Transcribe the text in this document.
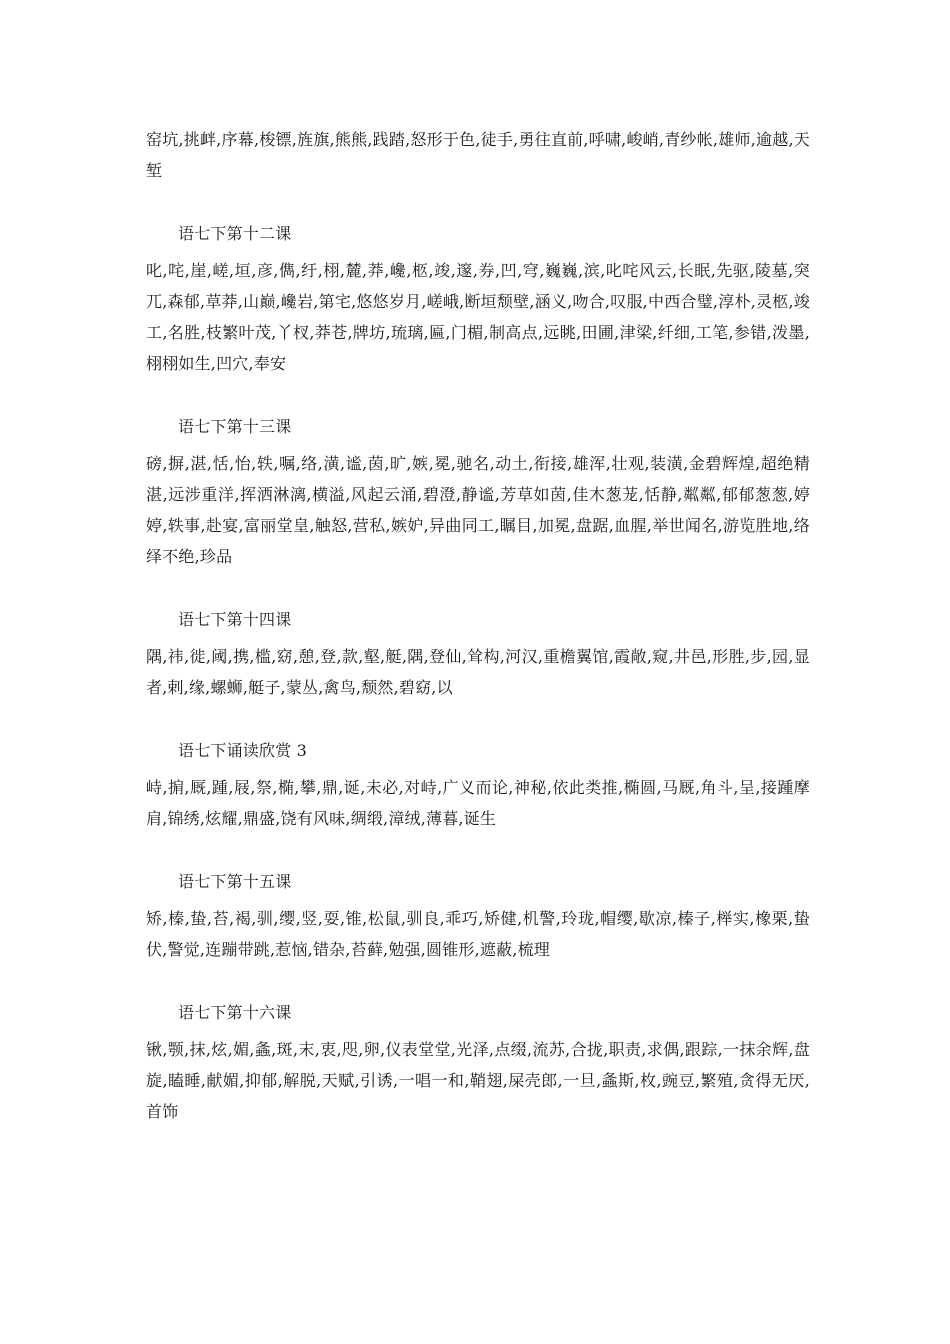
窑坑,挑衅,序幕,梭镖,旌旗,熊熊,践踏,怒形于色,徒手,勇往直前,呼啸,峻峭,青纱帐,雄师,逾越,天堑

语七下第十二课

叱,咤,崖,嵯,垣,彦,儁,纡,栩,麓,莽,巉,柩,竣,邃,券,凹,穹,巍巍,滨,叱咤风云,长眠,先驱,陵墓,突兀,森郁,草莽,山巅,巉岩,第宅,悠悠岁月,嵯峨,断垣颓壁,涵义,吻合,叹服,中西合璧,淳朴,灵柩,竣工,名胜,枝繁叶茂,丫杈,莽苍,牌坊,琉璃,匾,门楣,制高点,远眺,田圃,津梁,纤细,工笔,参错,泼墨,栩栩如生,凹穴,奉安

语七下第十三课

磅,摒,湛,恬,怡,轶,嘱,络,潢,谧,茵,旷,嫉,冕,驰名,动土,衔接,雄浑,壮观,装潢,金碧辉煌,超绝精湛,远涉重洋,挥洒淋漓,横溢,风起云涌,碧澄,静谧,芳草如茵,佳木葱茏,恬静,粼粼,郁郁葱葱,婷婷,轶事,赴宴,富丽堂皇,触怒,营私,嫉妒,异曲同工,瞩目,加冕,盘踞,血腥,举世闻名,游览胜地,络绎不绝,珍品

语七下第十四课

隅,祎,徙,阈,携,槛,窈,憩,登,款,壑,艇,隅,登仙,耸构,河汉,重檐翼馆,霞敞,窥,井邑,形胜,步,园,显者,剌,缘,螺蛳,艇子,蒙丛,禽鸟,颓然,碧窈,以

语七下诵读欣赏 3

峙,掮,厩,踵,屐,祭,椭,攀,鼎,诞,未必,对峙,广义而论,神秘,依此类推,椭圆,马厩,角斗,呈,接踵摩肩,锦绣,炫耀,鼎盛,饶有风味,绸缎,漳绒,薄暮,诞生

语七下第十五课

矫,榛,蛰,苔,褐,驯,缨,竖,耍,锥,松鼠,驯良,乖巧,矫健,机警,玲珑,帽缨,歇凉,榛子,榉实,橡栗,蛰伏,警觉,连蹦带跳,惹恼,错杂,苔藓,勉强,圆锥形,遮蔽,梳理

语七下第十六课

锹,颚,抹,炫,媚,螽,斑,末,衷,咫,卵,仪表堂堂,光泽,点缀,流苏,合拢,职责,求偶,跟踪,一抹余辉,盘旋,瞌睡,献媚,抑郁,解脱,天赋,引诱,一唱一和,鞘翅,屎壳郎,一旦,螽斯,枚,豌豆,繁殖,贪得无厌,首饰
